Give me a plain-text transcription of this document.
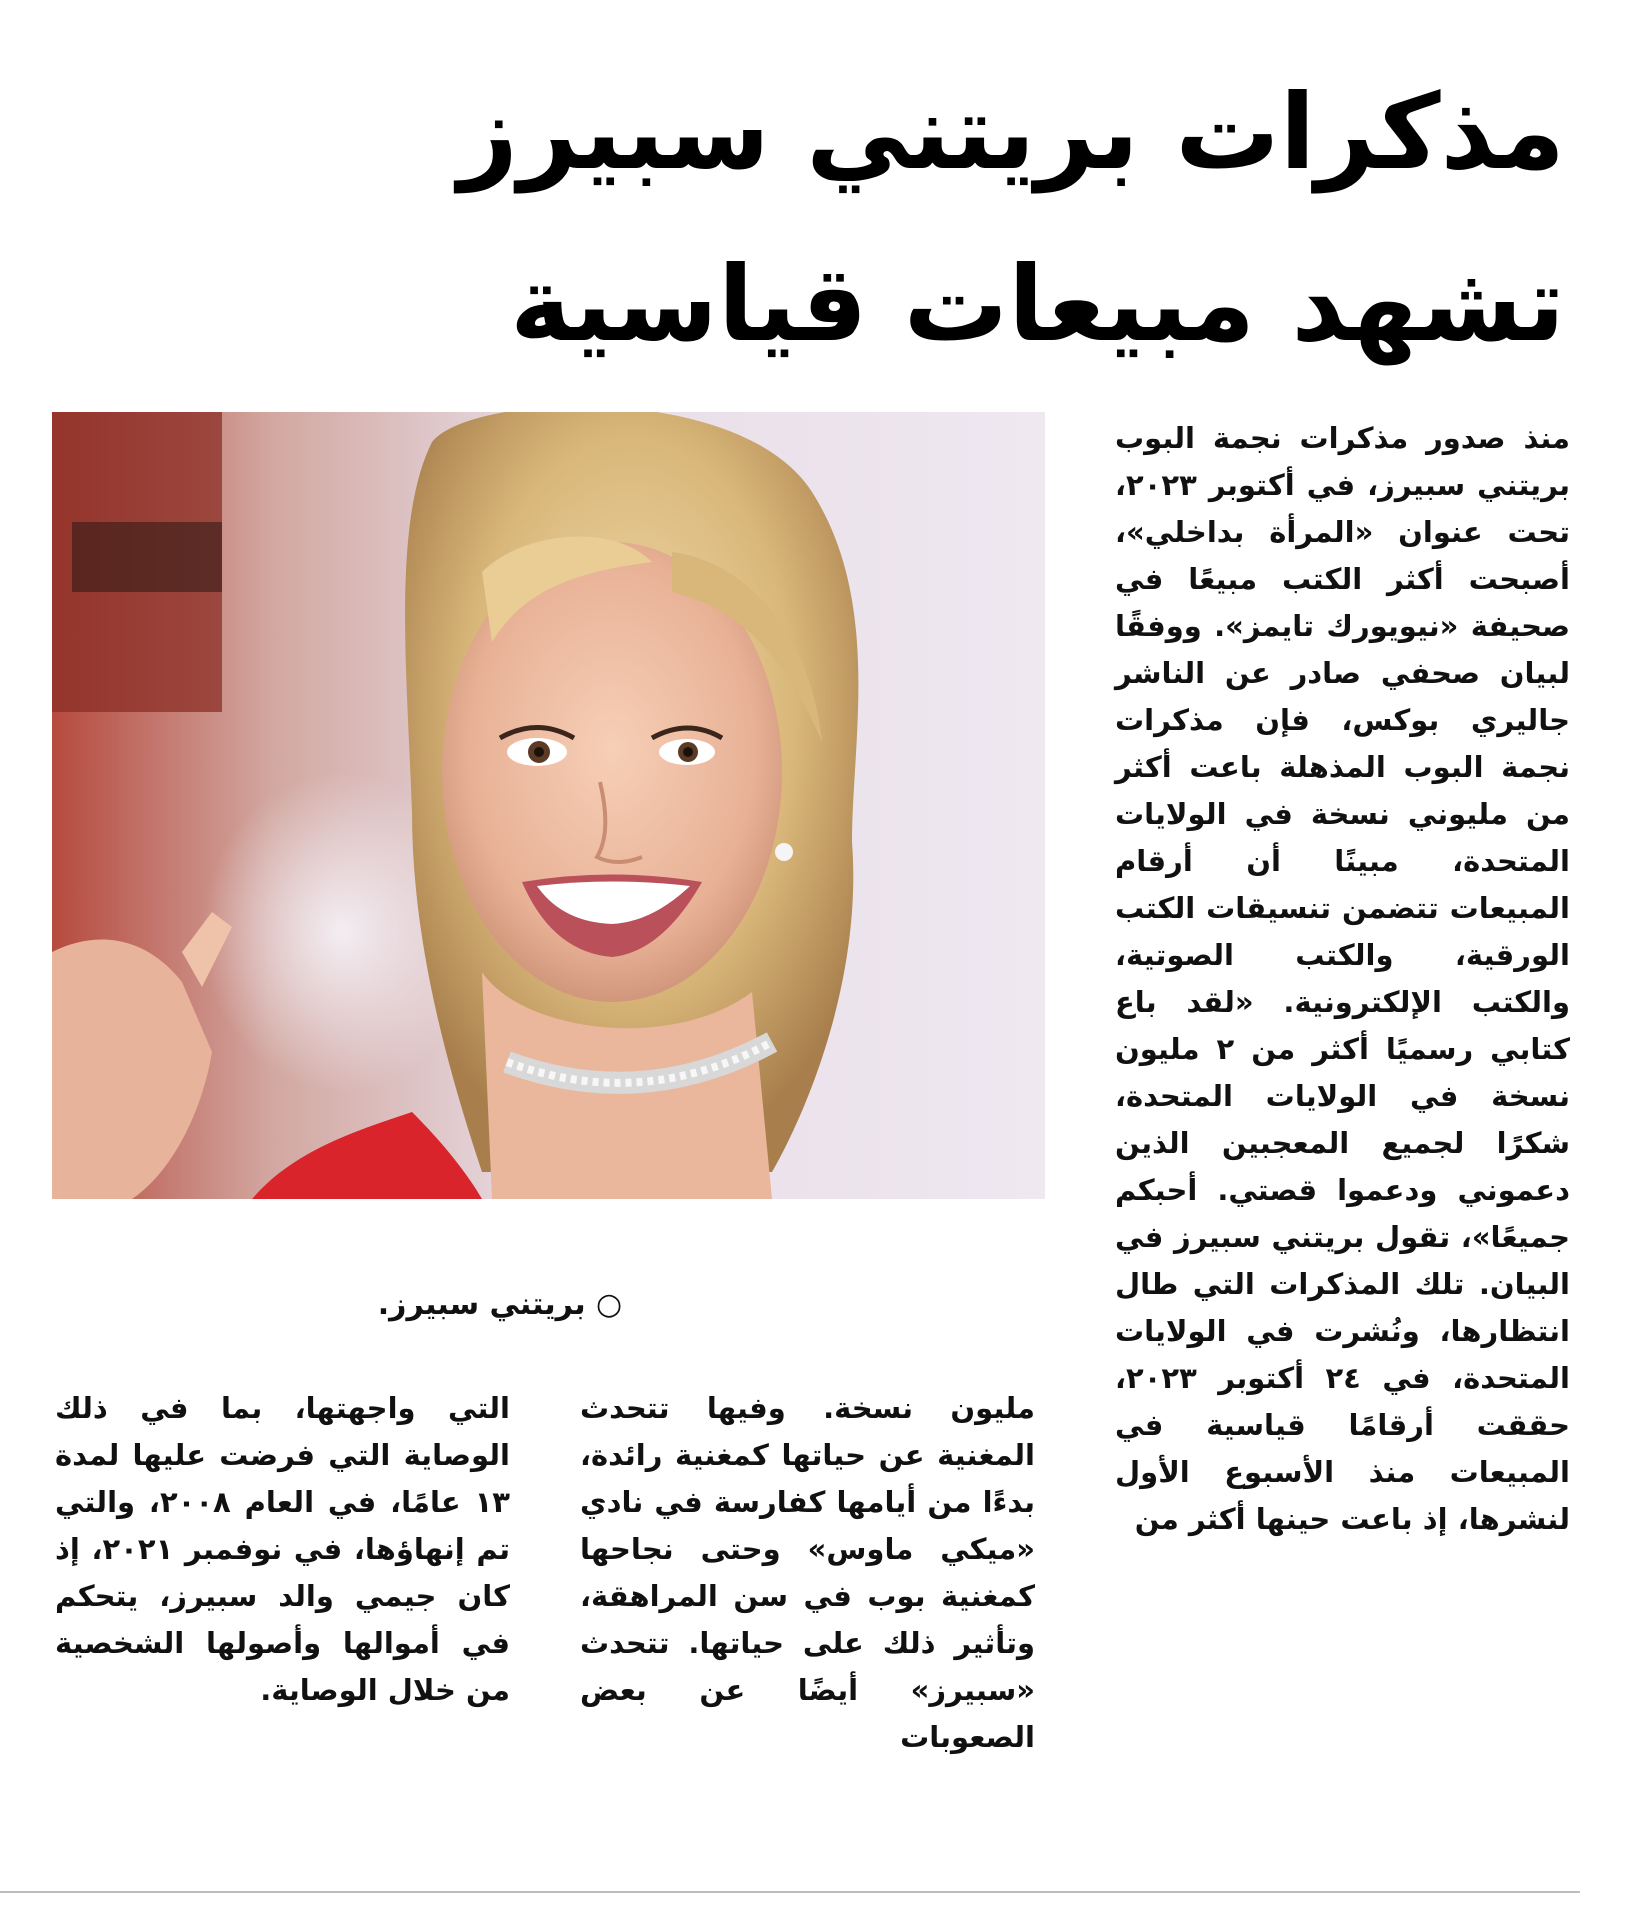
مذكرات بريتني سبيرز
تشهد مبيعات قياسية
منذ صدور مذكرات نجمة البوب بريتني سبيرز، في أكتوبر ٢٠٢٣، تحت عنوان «المرأة بداخلي»، أصبحت أكثر الكتب مبيعًا في صحيفة «نيويورك تايمز». ووفقًا لبيان صحفي صادر عن الناشر جاليري بوكس، فإن مذكرات نجمة البوب المذهلة باعت أكثر من مليوني نسخة في الولايات المتحدة، مبينًا أن أرقام المبيعات تتضمن تنسيقات الكتب الورقية، والكتب الصوتية، والكتب الإلكترونية. «لقد باع كتابي رسميًا أكثر من ٢ مليون نسخة في الولايات المتحدة، شكرًا لجميع المعجبين الذين دعموني ودعموا قصتي. أحبكم جميعًا»، تقول بريتني سبيرز في البيان. تلك المذكرات التي طال انتظارها، ونُشرت في الولايات المتحدة، في ٢٤ أكتوبر ٢٠٢٣، حققت أرقامًا قياسية في المبيعات منذ الأسبوع الأول لنشرها، إذ باعت حينها أكثر من
○ بريتني سبيرز.
مليون نسخة. وفيها تتحدث المغنية عن حياتها كمغنية رائدة، بدءًا من أيامها كفارسة في نادي «ميكي ماوس» وحتى نجاحها كمغنية بوب في سن المراهقة، وتأثير ذلك على حياتها. تتحدث «سبيرز» أيضًا عن بعض الصعوبات
التي واجهتها، بما في ذلك الوصاية التي فرضت عليها لمدة ١٣ عامًا، في العام ٢٠٠٨، والتي تم إنهاؤها، في نوفمبر ٢٠٢١، إذ كان جيمي والد سبيرز، يتحكم في أموالها وأصولها الشخصية من خلال الوصاية.
